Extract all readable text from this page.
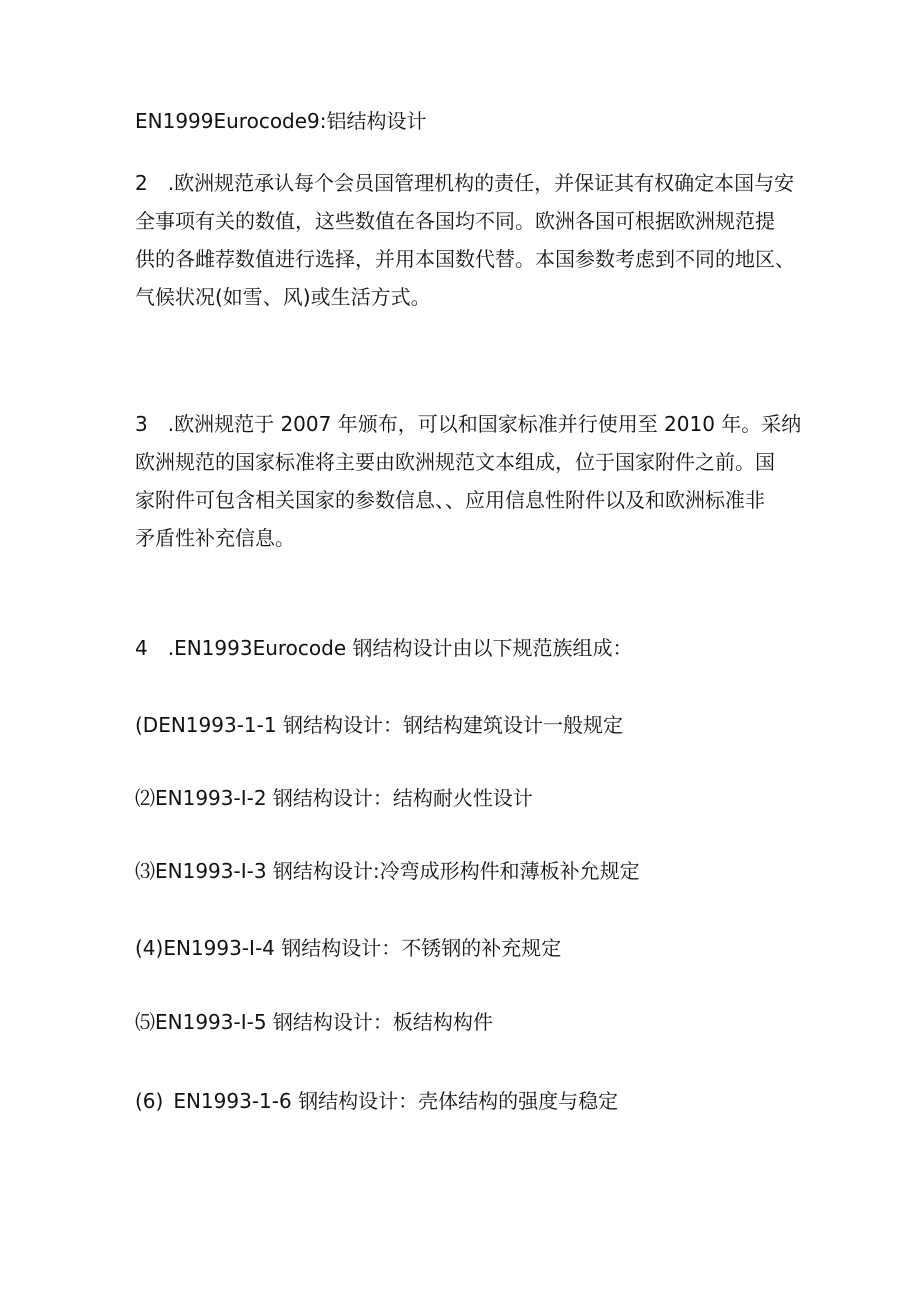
EN1999Eurocode9:铝结构设计

2 .欧洲规范承认每个会员国管理机构的责任，并保证其有权确定本国与安
全事项有关的数值，这些数值在各国均不同。欧洲各国可根据欧洲规范提
供的各雌荐数值进行选择，并用本国数代替。本国参数考虑到不同的地区、
气候状况(如雪、风)或生活方式。
3 .欧洲规范于 2007 年颁布，可以和国家标准并行使用至 2010 年。采纳
欧洲规范的国家标准将主要由欧洲规范文本组成，位于国家附件之前。国
家附件可包含相关国家的参数信息、、应用信息性附件以及和欧洲标准非
矛盾性补充信息。

4 .EN1993Eurocode 钢结构设计由以下规范族组成：

(DEN1993-1-1 钢结构设计：钢结构建筑设计一般规定

⑵EN1993-I-2 钢结构设计：结构耐火性设计

⑶EN1993-I-3 钢结构设计:冷弯成形构件和薄板补允规定

(4)EN1993-I-4 钢结构设计：不锈钢的补充规定

⑸EN1993-I-5 钢结构设计：板结构构件

(6) EN1993-1-6 钢结构设计：壳体结构的强度与稳定
